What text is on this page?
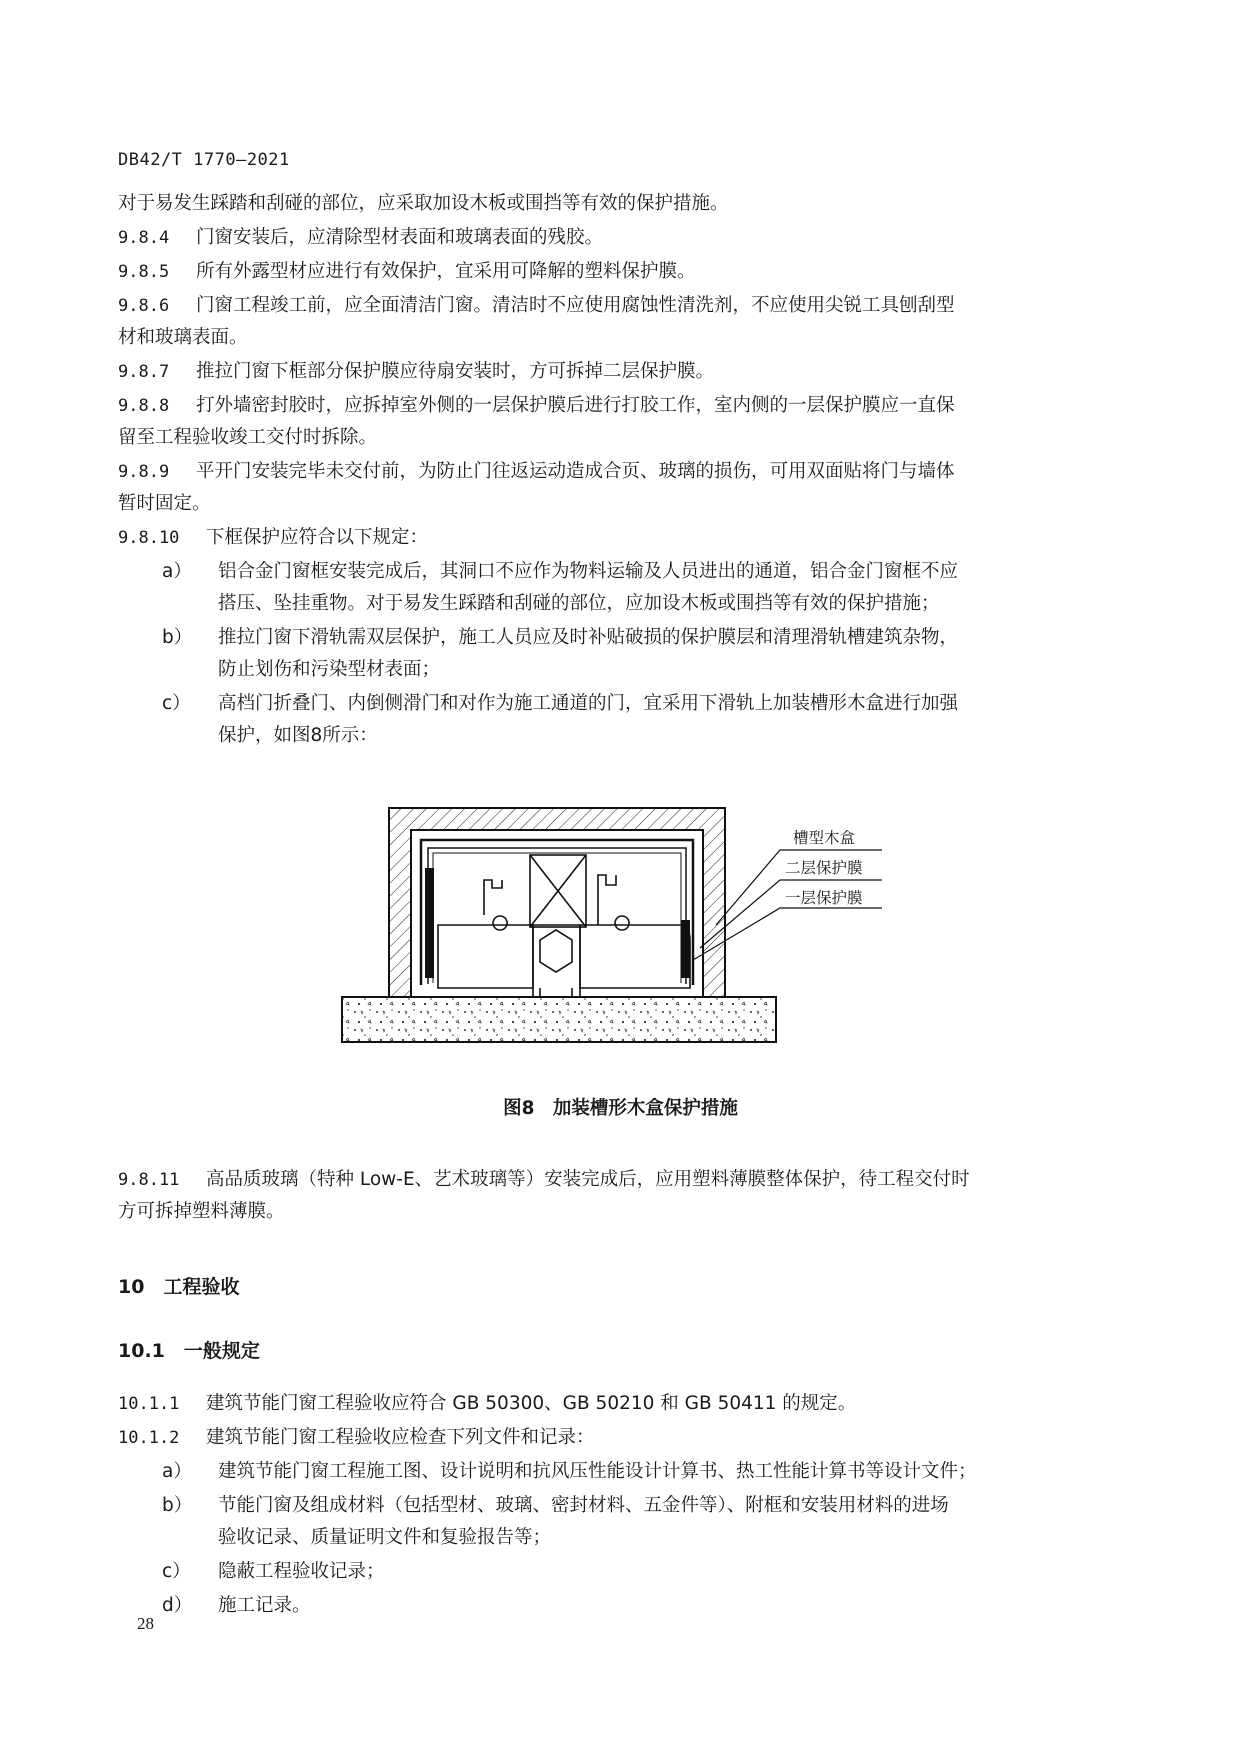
DB42/T 1770—2021
对于易发生踩踏和刮碰的部位，应采取加设木板或围挡等有效的保护措施。
9.8.4 门窗安装后，应清除型材表面和玻璃表面的残胶。
9.8.5 所有外露型材应进行有效保护，宜采用可降解的塑料保护膜。
9.8.6 门窗工程竣工前，应全面清洁门窗。清洁时不应使用腐蚀性清洗剂，不应使用尖锐工具刨刮型
材和玻璃表面。
9.8.7 推拉门窗下框部分保护膜应待扇安装时，方可拆掉二层保护膜。
9.8.8 打外墙密封胶时，应拆掉室外侧的一层保护膜后进行打胶工作，室内侧的一层保护膜应一直保
留至工程验收竣工交付时拆除。
9.8.9 平开门安装完毕未交付前，为防止门往返运动造成合页、玻璃的损伤，可用双面贴将门与墙体
暂时固定。
9.8.10 下框保护应符合以下规定：
a）	铝合金门窗框安装完成后，其洞口不应作为物料运输及人员进出的通道，铝合金门窗框不应
搭压、坠挂重物。对于易发生踩踏和刮碰的部位，应加设木板或围挡等有效的保护措施；
b）	推拉门窗下滑轨需双层保护，施工人员应及时补贴破损的保护膜层和清理滑轨槽建筑杂物，
防止划伤和污染型材表面；
c）	高档门折叠门、内倒侧滑门和对作为施工通道的门，宜采用下滑轨上加装槽形木盒进行加强
保护，如图8所示：
槽型木盒
二层保护膜
一层保护膜
图8　加装槽形木盒保护措施
9.8.11 高品质玻璃（特种 Low-E、艺术玻璃等）安装完成后，应用塑料薄膜整体保护，待工程交付时
方可拆掉塑料薄膜。
10　工程验收
10.1　一般规定
10.1.1 建筑节能门窗工程验收应符合 GB 50300、GB 50210 和 GB 50411 的规定。
10.1.2 建筑节能门窗工程验收应检查下列文件和记录：
a）	建筑节能门窗工程施工图、设计说明和抗风压性能设计计算书、热工性能计算书等设计文件；
b）	节能门窗及组成材料（包括型材、玻璃、密封材料、五金件等）、附框和安装用材料的进场
验收记录、质量证明文件和复验报告等；
c）	隐蔽工程验收记录；
d）	施工记录。
28
